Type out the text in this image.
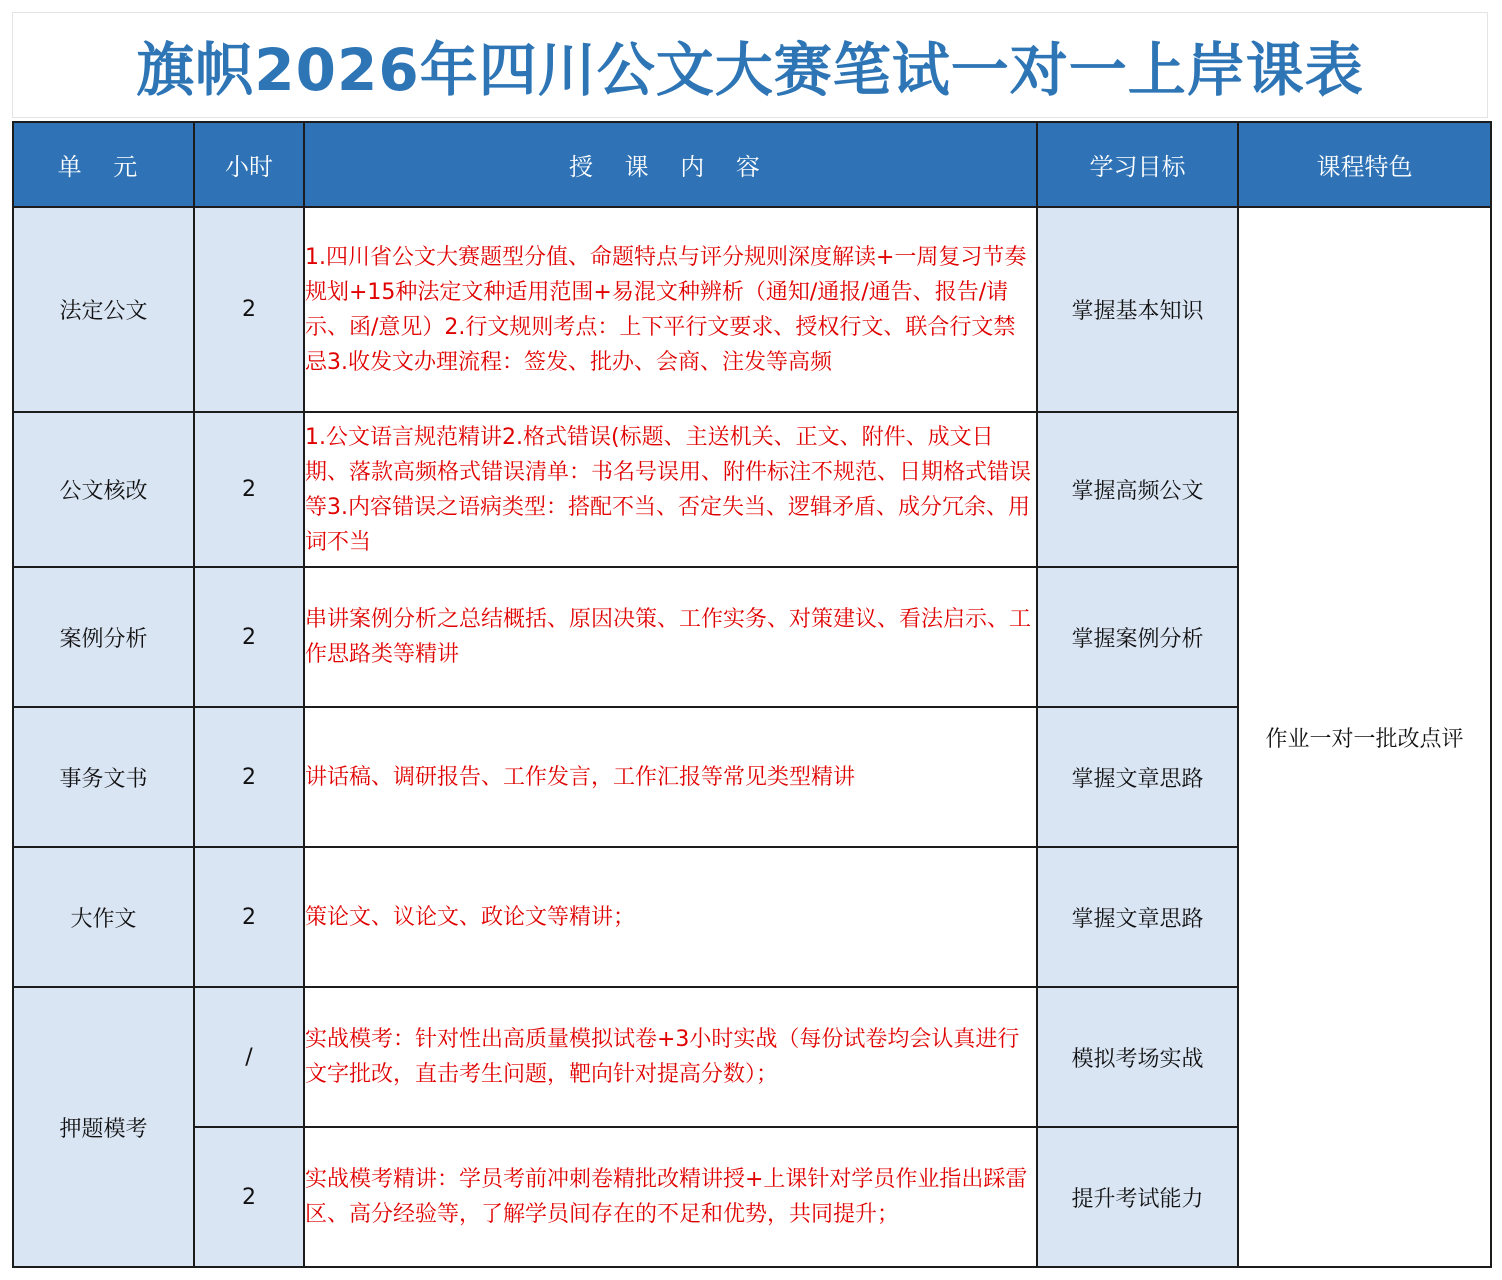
旗帜2026年四川公文大赛笔试一对一上岸课表
单 元	小时	授 课 内 容	学习目标	课程特色
法定公文	2	1.四川省公文大赛题型分值、命题特点与评分规则深度解读+一周复习节奏规划+15种法定文种适用范围+易混文种辨析（通知/通报/通告、报告/请示、函/意见）2.行文规则考点：上下平行文要求、授权行文、联合行文禁忌3.收发文办理流程：签发、批办、会商、注发等高频	掌握基本知识	作业一对一批改点评
公文核改	2	1.公文语言规范精讲2.格式错误(标题、主送机关、正文、附件、成文日期、落款高频格式错误清单：书名号误用、附件标注不规范、日期格式错误等3.内容错误之语病类型：搭配不当、否定失当、逻辑矛盾、成分冗余、用词不当	掌握高频公文	
案例分析	2	串讲案例分析之总结概括、原因决策、工作实务、对策建议、看法启示、工作思路类等精讲	掌握案例分析	
事务文书	2	讲话稿、调研报告、工作发言，工作汇报等常见类型精讲	掌握文章思路	
大作文	2	策论文、议论文、政论文等精讲；	掌握文章思路	
押题模考	/	实战模考：针对性出高质量模拟试卷+3小时实战（每份试卷均会认真进行文字批改，直击考生问题，靶向针对提高分数）；	模拟考场实战	
	2	实战模考精讲：学员考前冲刺卷精批改精讲授+上课针对学员作业指出踩雷区、高分经验等，了解学员间存在的不足和优势，共同提升；	提升考试能力	
